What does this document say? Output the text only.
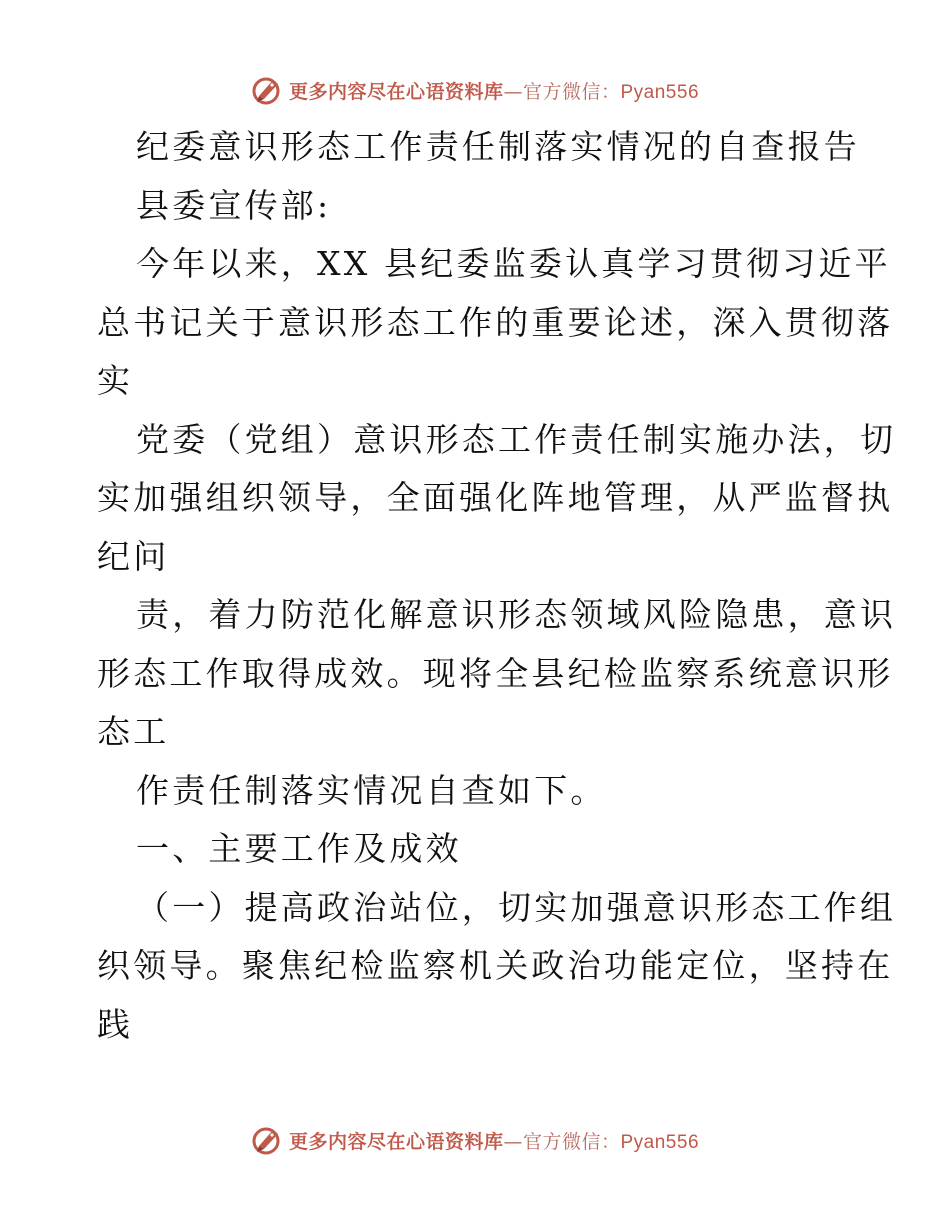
更多内容尽在心语资料库—官方微信：Pyan556
纪委意识形态工作责任制落实情况的自查报告
县委宣传部:
今年以来，XX 县纪委监委认真学习贯彻习近平
总书记关于意识形态工作的重要论述，深入贯彻落
实
党委（党组）意识形态工作责任制实施办法，切
实加强组织领导，全面强化阵地管理，从严监督执
纪问
责，着力防范化解意识形态领域风险隐患，意识
形态工作取得成效。现将全县纪检监察系统意识形
态工
作责任制落实情况自查如下。
一、主要工作及成效
（一）提高政治站位，切实加强意识形态工作组
织领导。聚焦纪检监察机关政治功能定位，坚持在
践
更多内容尽在心语资料库—官方微信：Pyan556
